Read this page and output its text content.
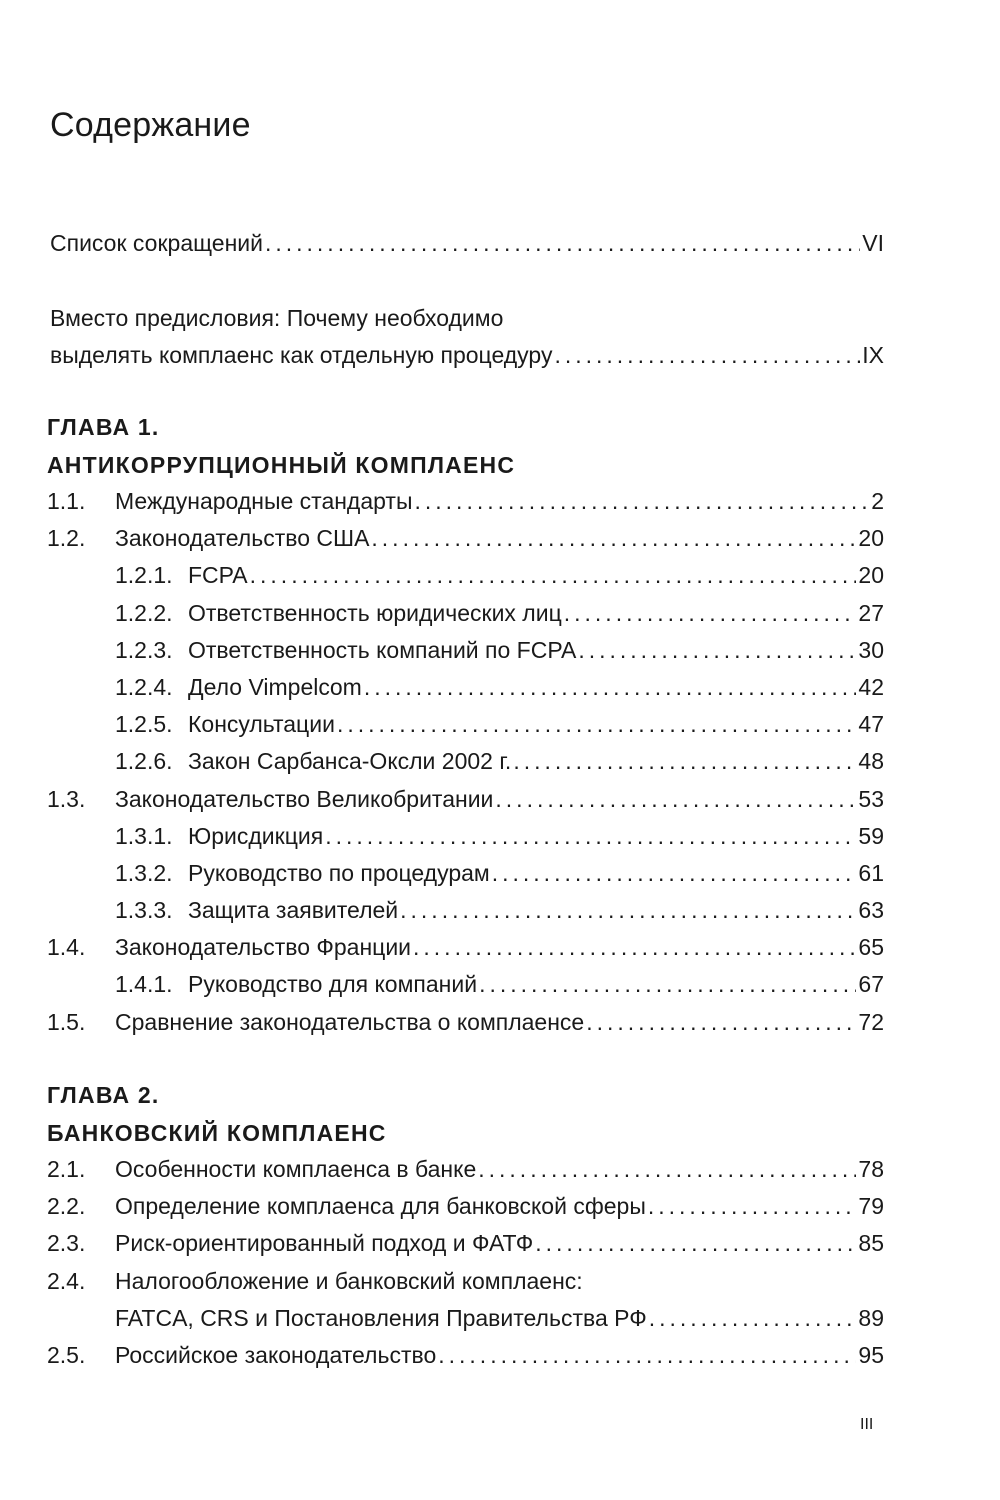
Содержание
Список сокращений .....	VI
Вместо предисловия: Почему необходимо
выделять комплаенс как отдельную процедуру .....	IX
ГЛАВА 1.
АНТИКОРРУПЦИОННЫЙ КОМПЛАЕНС
1.1.	Международные стандарты .....	2
1.2.	Законодательство США .....	20
1.2.1. FCPA .....	20
1.2.2. Ответственность юридических лиц .....	27
1.2.3. Ответственность компаний по FCPA .....	30
1.2.4. Дело Vimpelcom .....	42
1.2.5. Консультации .....	47
1.2.6. Закон Сарбанса-Оксли 2002 г. .....	48
1.3.	Законодательство Великобритании .....	53
1.3.1. Юрисдикция .....	59
1.3.2. Руководство по процедурам .....	61
1.3.3. Защита заявителей .....	63
1.4.	Законодательство Франции .....	65
1.4.1. Руководство для компаний .....	67
1.5.	Сравнение законодательства о комплаенсе .....	72
ГЛАВА 2.
БАНКОВСКИЙ КОМПЛАЕНС
2.1.	Особенности комплаенса в банке .....	78
2.2.	Определение комплаенса для банковской сферы .....	79
2.3.	Риск-ориентированный подход и ФАТФ .....	85
2.4.	Налогообложение и банковский комплаенс:
FATCA, CRS и Постановления Правительства РФ .....	89
2.5.	Российское законодательство .....	95
III
